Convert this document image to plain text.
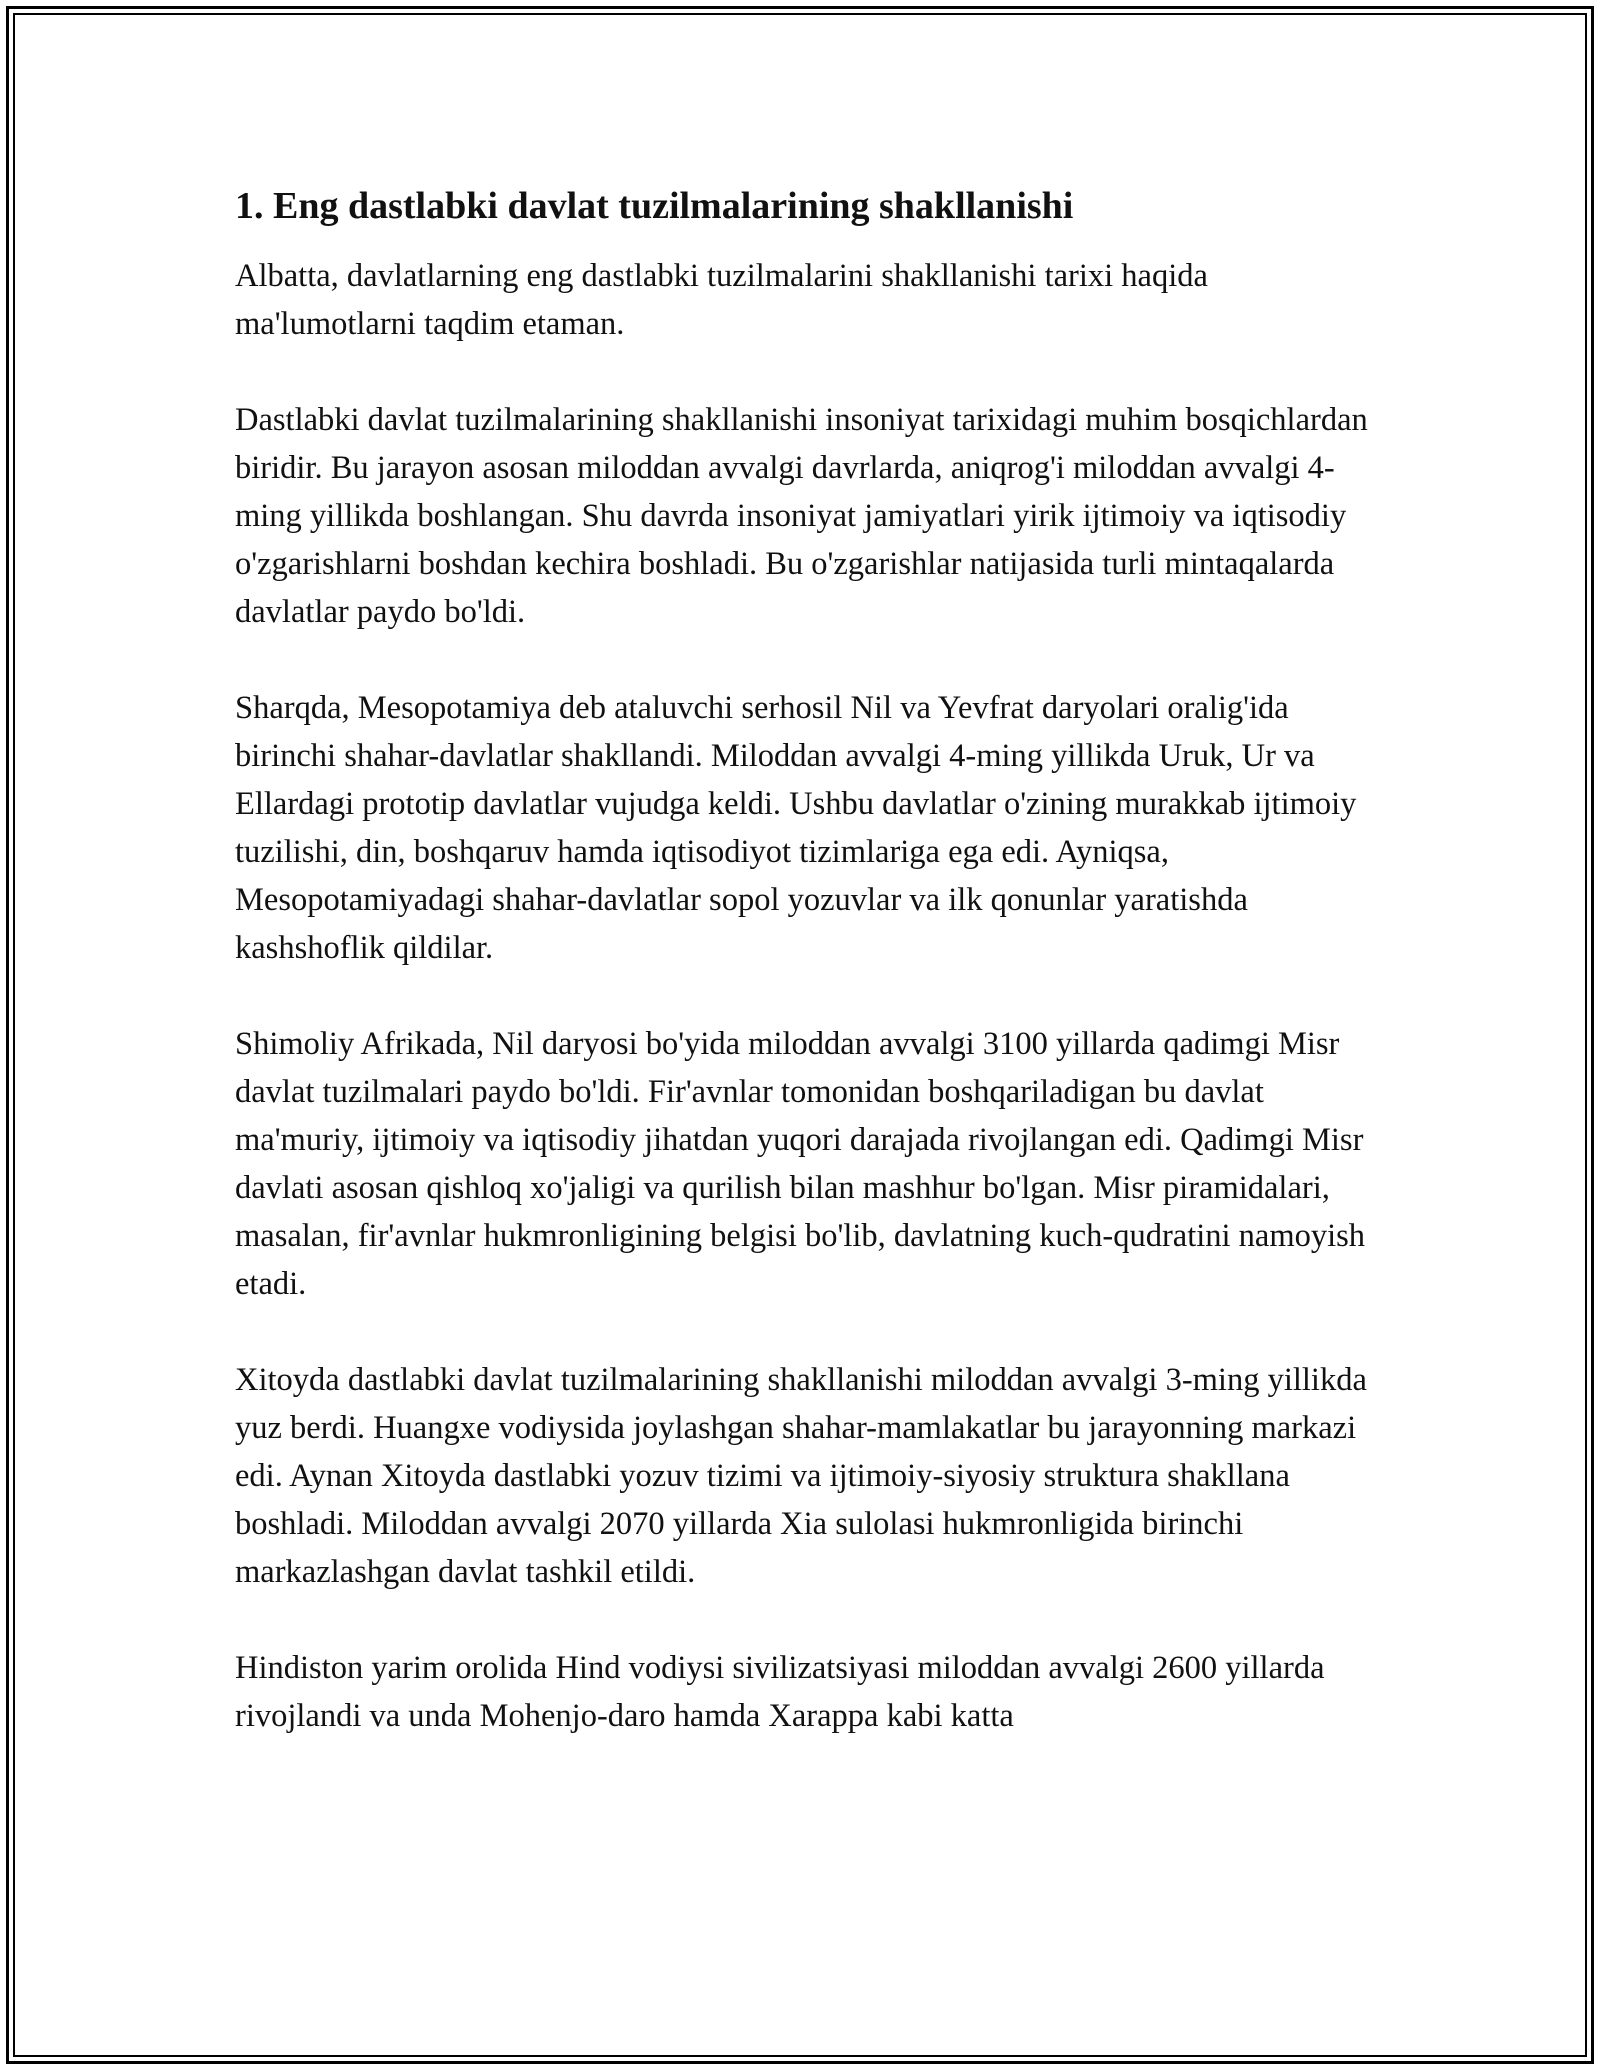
1. Eng dastlabki davlat tuzilmalarining shakllanishi

Albatta, davlatlarning eng dastlabki tuzilmalarini shakllanishi tarixi haqida ma'lumotlarni taqdim etaman.

Dastlabki davlat tuzilmalarining shakllanishi insoniyat tarixidagi muhim bosqichlardan biridir. Bu jarayon asosan miloddan avvalgi davrlarda, aniqrog'i miloddan avvalgi 4-ming yillikda boshlangan. Shu davrda insoniyat jamiyatlari yirik ijtimoiy va iqtisodiy o'zgarishlarni boshdan kechira boshladi. Bu o'zgarishlar natijasida turli mintaqalarda davlatlar paydo bo'ldi.

Sharqda, Mesopotamiya deb ataluvchi serhosil Nil va Yevfrat daryolari oralig'ida birinchi shahar-davlatlar shakllandi. Miloddan avvalgi 4-ming yillikda Uruk, Ur va Ellardagi prototip davlatlar vujudga keldi. Ushbu davlatlar o'zining murakkab ijtimoiy tuzilishi, din, boshqaruv hamda iqtisodiyot tizimlariga ega edi. Ayniqsa, Mesopotamiyadagi shahar-davlatlar sopol yozuvlar va ilk qonunlar yaratishda kashshoflik qildilar.

Shimoliy Afrikada, Nil daryosi bo'yida miloddan avvalgi 3100 yillarda qadimgi Misr davlat tuzilmalari paydo bo'ldi. Fir'avnlar tomonidan boshqariladigan bu davlat ma'muriy, ijtimoiy va iqtisodiy jihatdan yuqori darajada rivojlangan edi. Qadimgi Misr davlati asosan qishloq xo'jaligi va qurilish bilan mashhur bo'lgan. Misr piramidalari, masalan, fir'avnlar hukmronligining belgisi bo'lib, davlatning kuch-qudratini namoyish etadi.

Xitoyda dastlabki davlat tuzilmalarining shakllanishi miloddan avvalgi 3-ming yillikda yuz berdi. Huangxe vodiysida joylashgan shahar-mamlakatlar bu jarayonning markazi edi. Aynan Xitoyda dastlabki yozuv tizimi va ijtimoiy-siyosiy struktura shakllana boshladi. Miloddan avvalgi 2070 yillarda Xia sulolasi hukmronligida birinchi markazlashgan davlat tashkil etildi.

Hindiston yarim orolida Hind vodiysi sivilizatsiyasi miloddan avvalgi 2600 yillarda rivojlandi va unda Mohenjo-daro hamda Xarappa kabi katta
